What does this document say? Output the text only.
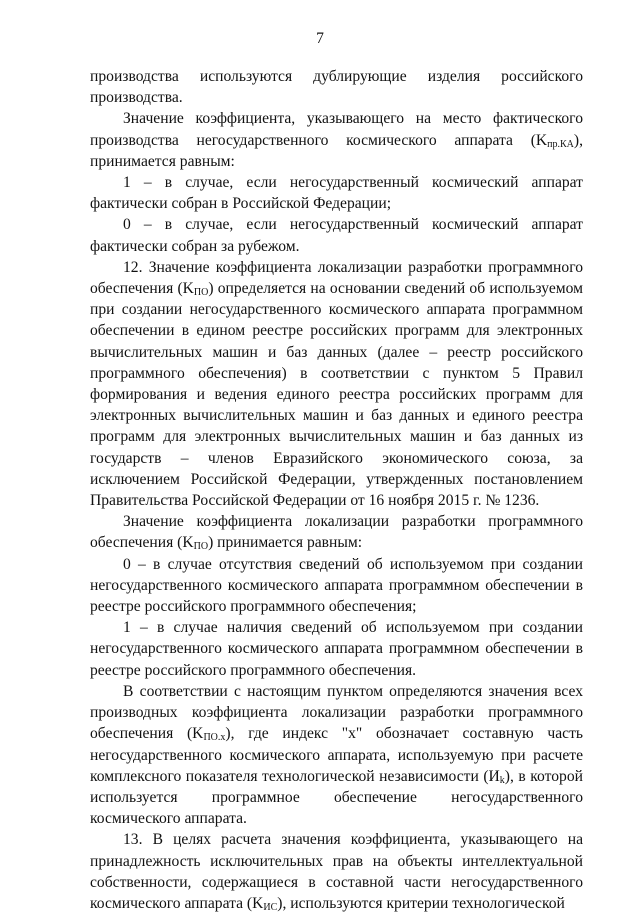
7

производства используются дублирующие изделия российского производства.

Значение коэффициента, указывающего на место фактического производства негосударственного космического аппарата $(K_{пр.КА})$, принимается равным:

1 – в случае, если негосударственный космический аппарат фактически собран в Российской Федерации;

0 – в случае, если негосударственный космический аппарат фактически собран за рубежом.

12. Значение коэффициента локализации разработки программного обеспечения $(K_{ПО})$ определяется на основании сведений об используемом при создании негосударственного космического аппарата программном обеспечении в едином реестре российских программ для электронных вычислительных машин и баз данных (далее – реестр российского программного обеспечения) в соответствии с пунктом 5 Правил формирования и ведения единого реестра российских программ для электронных вычислительных машин и баз данных и единого реестра программ для электронных вычислительных машин и баз данных из государств – членов Евразийского экономического союза, за исключением Российской Федерации, утвержденных постановлением Правительства Российской Федерации от 16 ноября 2015 г. № 1236.

Значение коэффициента локализации разработки программного обеспечения $(K_{ПО})$ принимается равным:

0 – в случае отсутствия сведений об используемом при создании негосударственного космического аппарата программном обеспечении в реестре российского программного обеспечения;

1 – в случае наличия сведений об используемом при создании негосударственного космического аппарата программном обеспечении в реестре российского программного обеспечения.

В соответствии с настоящим пунктом определяются значения всех производных коэффициента локализации разработки программного обеспечения $(K_{ПО.х})$, где индекс "х" обозначает составную часть негосударственного космического аппарата, используемую при расчете комплексного показателя технологической независимости $(И_k)$, в которой используется программное обеспечение негосударственного космического аппарата.

13. В целях расчета значения коэффициента, указывающего на принадлежность исключительных прав на объекты интеллектуальной собственности, содержащиеся в составной части негосударственного космического аппарата $(K_{ИС})$, используются критерии технологической
